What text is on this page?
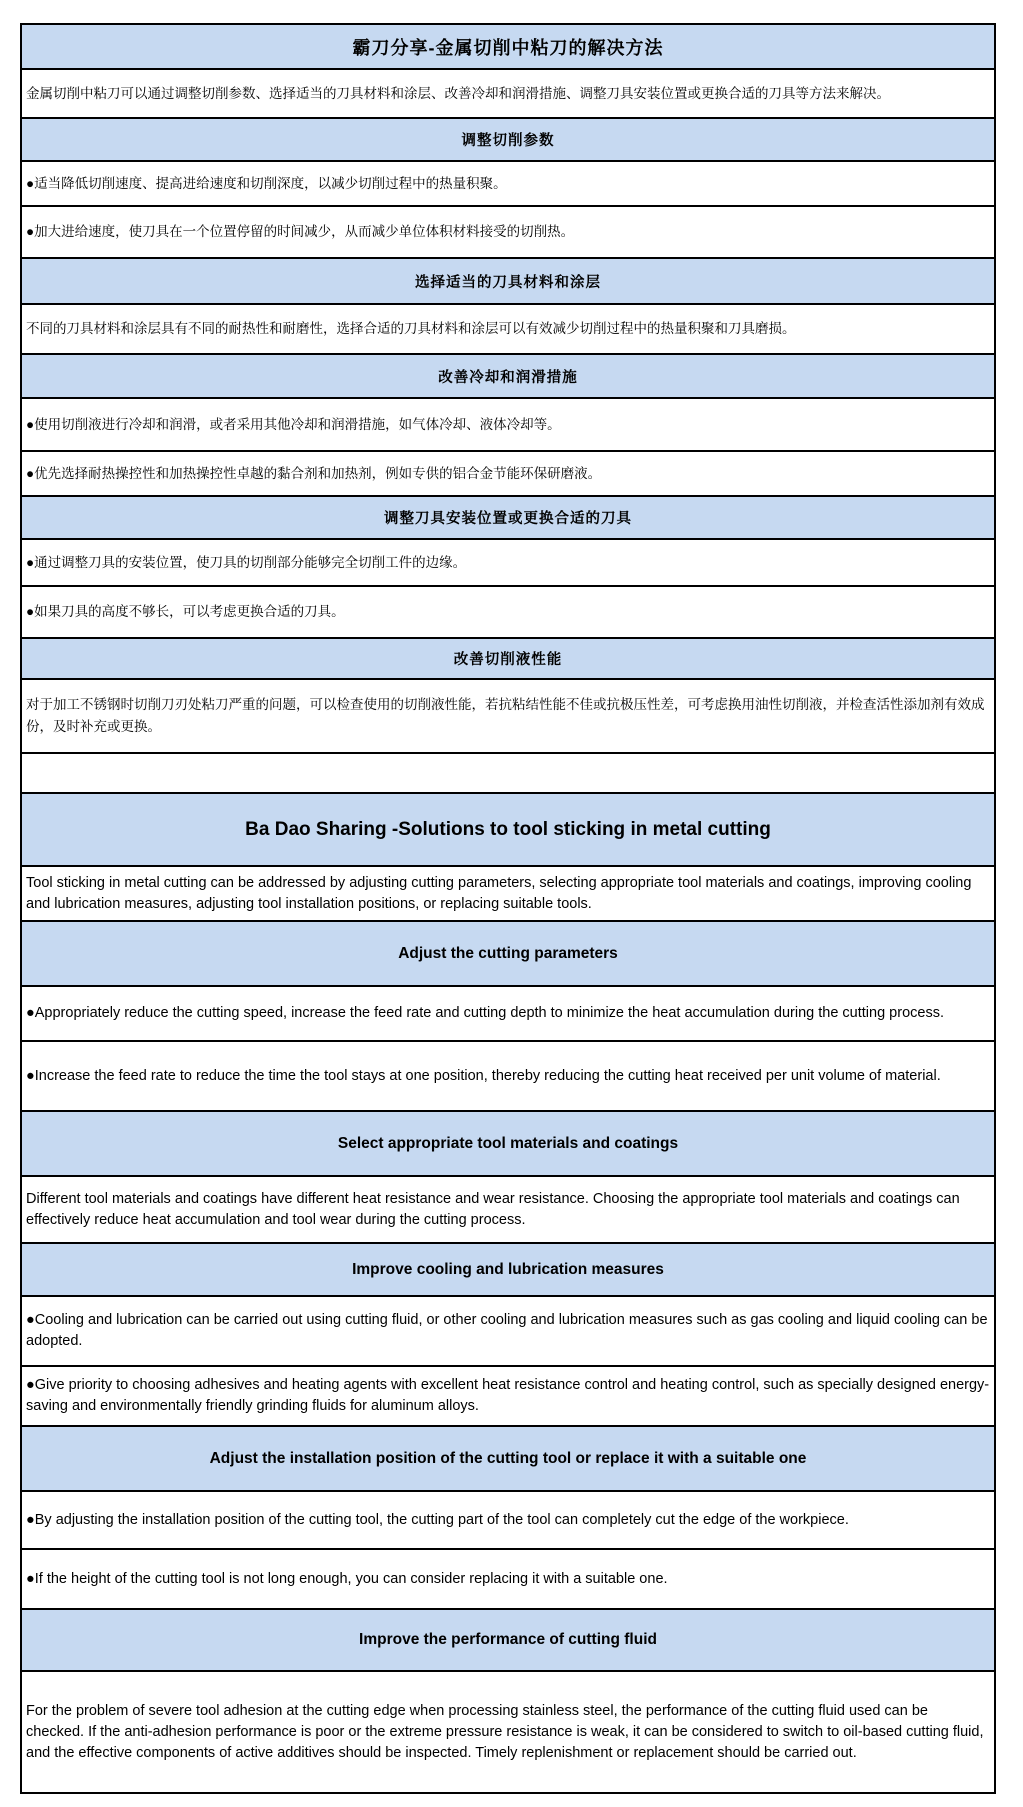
霸刀分享-金属切削中粘刀的解决方法
金属切削中粘刀可以通过调整切削参数、选择适当的刀具材料和涂层、改善冷却和润滑措施、调整刀具安装位置或更换合适的刀具等方法来解决。
调整切削参数
●适当降低切削速度、提高进给速度和切削深度，以减少切削过程中的热量积聚。
●加大进给速度，使刀具在一个位置停留的时间减少，从而减少单位体积材料接受的切削热。
选择适当的刀具材料和涂层
不同的刀具材料和涂层具有不同的耐热性和耐磨性，选择合适的刀具材料和涂层可以有效减少切削过程中的热量积聚和刀具磨损。
改善冷却和润滑措施
●使用切削液进行冷却和润滑，或者采用其他冷却和润滑措施，如气体冷却、液体冷却等。
●优先选择耐热操控性和加热操控性卓越的黏合剂和加热剂，例如专供的铝合金节能环保研磨液。
调整刀具安装位置或更换合适的刀具
●通过调整刀具的安装位置，使刀具的切削部分能够完全切削工件的边缘。
●如果刀具的高度不够长，可以考虑更换合适的刀具。
改善切削液性能
对于加工不锈钢时切削刀刃处粘刀严重的问题，可以检查使用的切削液性能，若抗粘结性能不佳或抗极压性差，可考虑换用油性切削液，并检查活性添加剂有效成份，及时补充或更换。
Ba Dao Sharing -Solutions to tool sticking in metal cutting
Tool sticking in metal cutting can be addressed by adjusting cutting parameters, selecting appropriate tool materials and coatings, improving cooling and lubrication measures, adjusting tool installation positions, or replacing suitable tools.
Adjust the cutting parameters
●Appropriately reduce the cutting speed, increase the feed rate and cutting depth to minimize the heat accumulation during the cutting process.
●Increase the feed rate to reduce the time the tool stays at one position, thereby reducing the cutting heat received per unit volume of material.
Select appropriate tool materials and coatings
Different tool materials and coatings have different heat resistance and wear resistance. Choosing the appropriate tool materials and coatings can effectively reduce heat accumulation and tool wear during the cutting process.
Improve cooling and lubrication measures
●Cooling and lubrication can be carried out using cutting fluid, or other cooling and lubrication measures such as gas cooling and liquid cooling can be adopted.
●Give priority to choosing adhesives and heating agents with excellent heat resistance control and heating control, such as specially designed energy-saving and environmentally friendly grinding fluids for aluminum alloys.
Adjust the installation position of the cutting tool or replace it with a suitable one
●By adjusting the installation position of the cutting tool, the cutting part of the tool can completely cut the edge of the workpiece.
●If the height of the cutting tool is not long enough, you can consider replacing it with a suitable one.
Improve the performance of cutting fluid
For the problem of severe tool adhesion at the cutting edge when processing stainless steel, the performance of the cutting fluid used can be checked. If the anti-adhesion performance is poor or the extreme pressure resistance is weak, it can be considered to switch to oil-based cutting fluid, and the effective components of active additives should be inspected. Timely replenishment or replacement should be carried out.
